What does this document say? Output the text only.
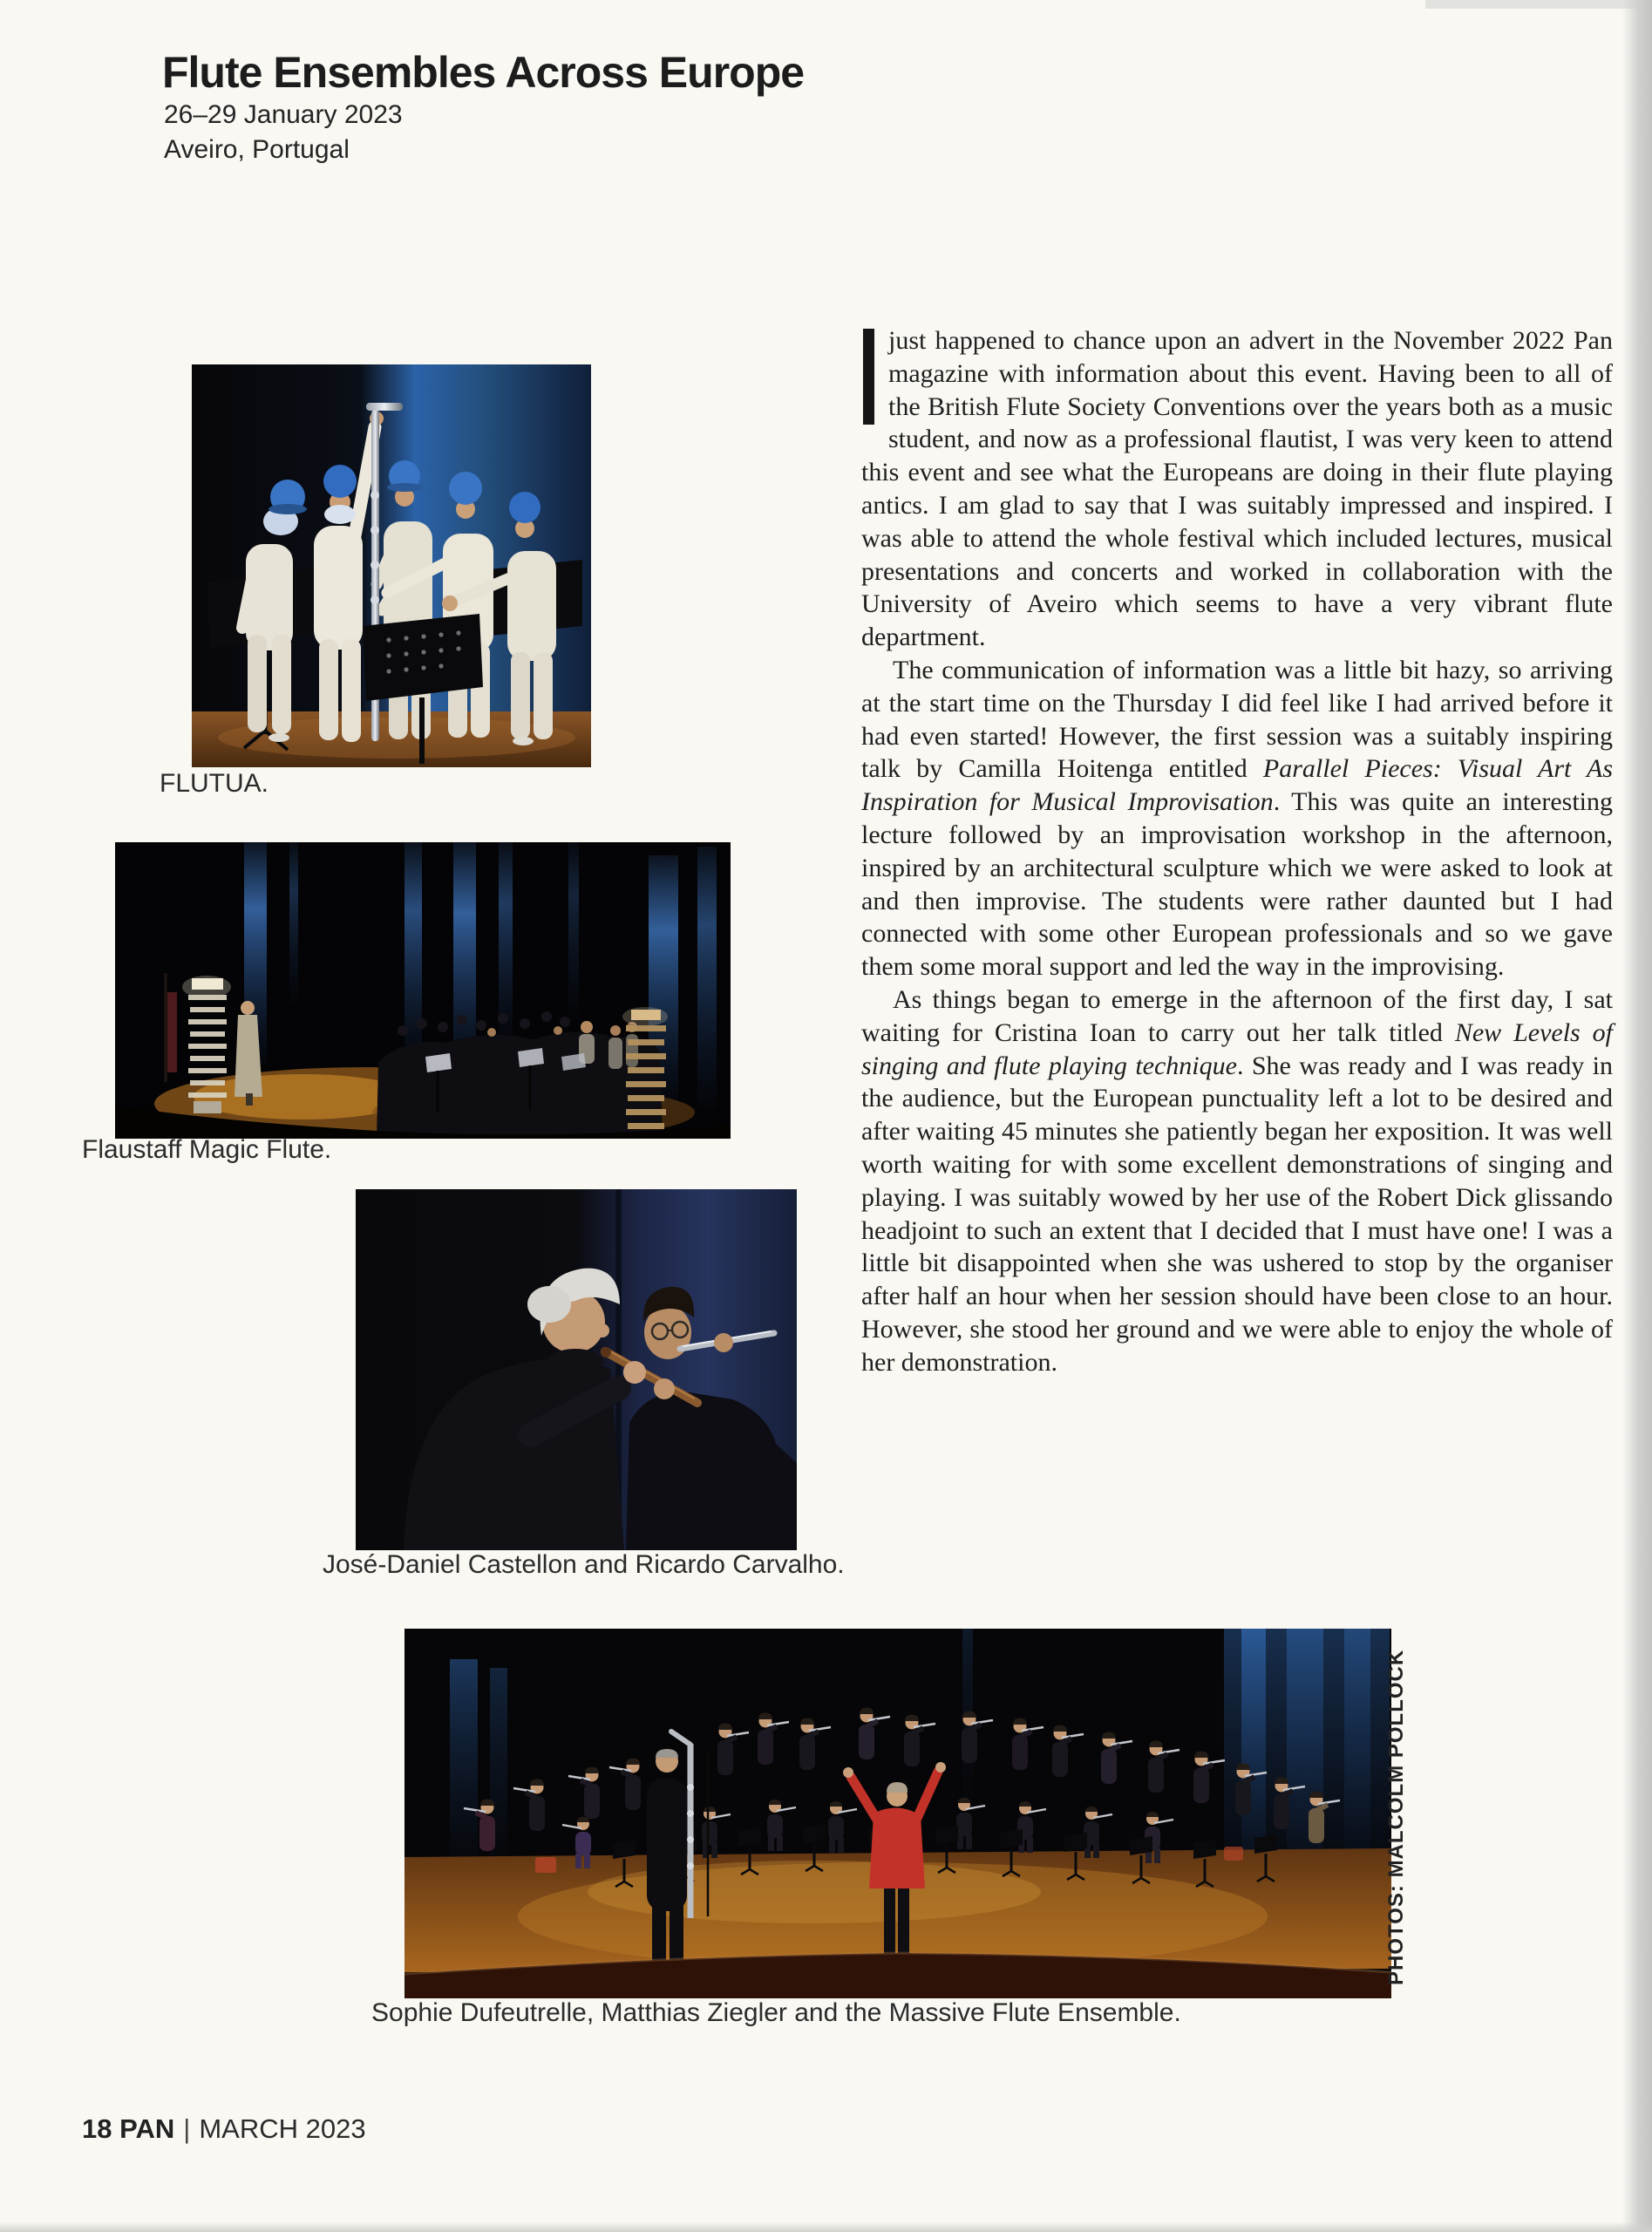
Flute Ensembles Across Europe
26–29 January 2023
Aveiro, Portugal
FLUTUA.
Flaustaff Magic Flute.
José-Daniel Castellon and Ricardo Carvalho.
Sophie Dufeutrelle, Matthias Ziegler and the Massive Flute Ensemble.
PHOTOS: MALCOLM POLLOCK

just happened to chance upon an advert in the November 2022 Pan magazine with information about this event. Having been to all of the British Flute Society Conventions over the years both as a music student, and now as a professional flautist, I was very keen to attend this event and see what the Europeans are doing in their flute playing antics. I am glad to say that I was suitably impressed and inspired. I was able to attend the whole festival which included lectures, musical presentations and concerts and worked in collaboration with the University of Aveiro which seems to have a very vibrant flute department.

The communication of information was a little bit hazy, so arriving at the start time on the Thursday I did feel like I had arrived before it had even started! However, the first session was a suitably inspiring talk by Camilla Hoitenga entitled Parallel Pieces: Visual Art As Inspiration for Musical Improvisation. This was quite an interesting lecture followed by an improvisation workshop in the afternoon, inspired by an architectural sculpture which we were asked to look at and then improvise. The students were rather daunted but I had connected with some other European professionals and so we gave them some moral support and led the way in the improvising.

As things began to emerge in the afternoon of the first day, I sat waiting for Cristina Ioan to carry out her talk titled New Levels of singing and flute playing technique. She was ready and I was ready in the audience, but the European punctuality left a lot to be desired and after waiting 45 minutes she patiently began her exposition. It was well worth waiting for with some excellent demonstrations of singing and playing. I was suitably wowed by her use of the Robert Dick glissando headjoint to such an extent that I decided that I must have one! I was a little bit disappointed when she was ushered to stop by the organiser after half an hour when her session should have been close to an hour. However, she stood her ground and we were able to enjoy the whole of her demonstration.

18 PAN | MARCH 2023
